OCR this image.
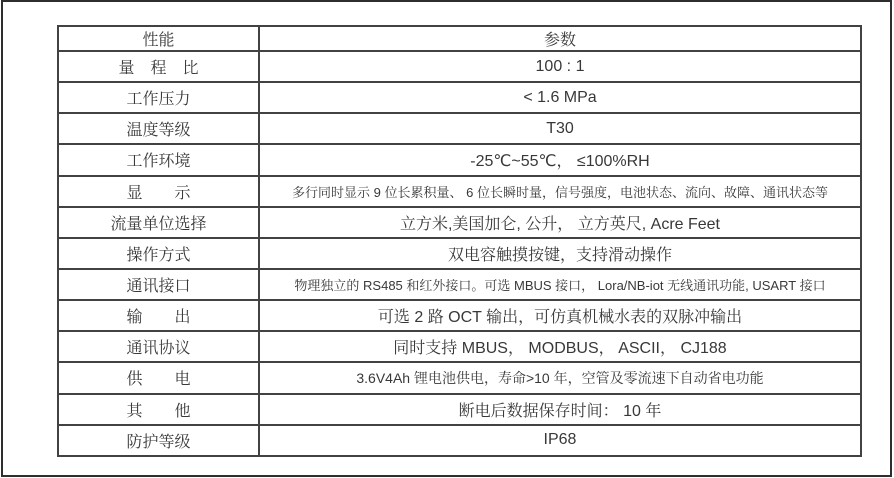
性能	参数
量　程　比	100 : 1
工作压力	< 1.6 MPa
温度等级	T30
工作环境	-25℃~55℃， ≤100%RH
显　　示	多行同时显示 9 位长累积量、 6 位长瞬时量，信号强度，电池状态、流向、故障、通讯状态等
流量单位选择	立方米,美国加仑, 公升， 立方英尺, Acre Feet
操作方式	双电容触摸按键，支持滑动操作
通讯接口	物理独立的 RS485 和红外接口。可选 MBUS 接口， Lora/NB-iot 无线通讯功能, USART 接口
输　　出	可选 2 路 OCT 输出，可仿真机械水表的双脉冲输出
通讯协议	同时支持 MBUS， MODBUS， ASCII， CJ188
供　　电	3.6V4Ah 锂电池供电，寿命>10 年，空管及零流速下自动省电功能
其　　他	断电后数据保存时间： 10 年
防护等级	IP68
